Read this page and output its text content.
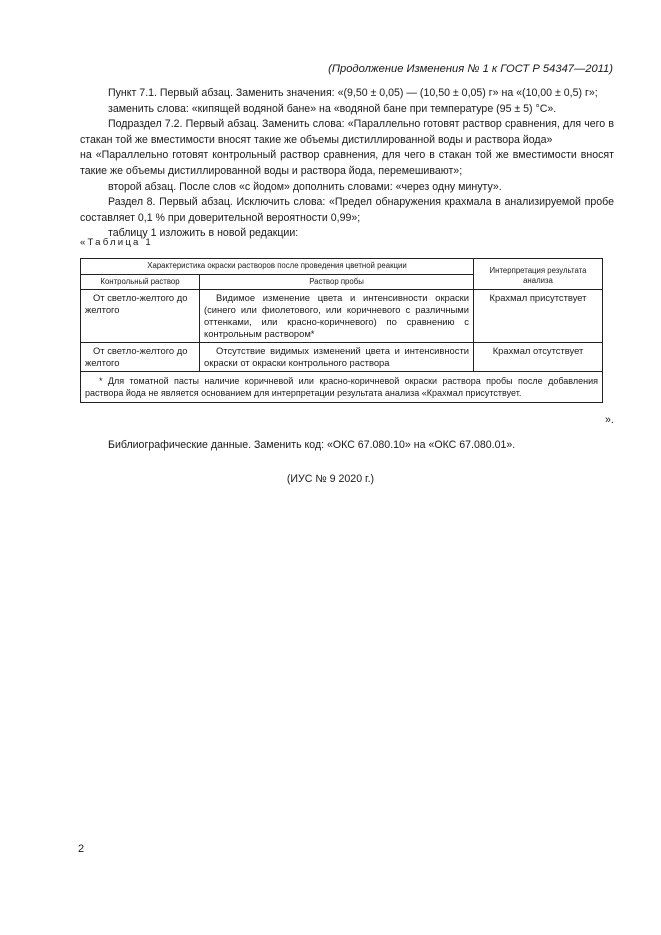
(Продолжение Изменения № 1 к ГОСТ Р 54347—2011)

Пункт 7.1. Первый абзац. Заменить значения: «(9,50 ± 0,05) — (10,50 ± 0,05) г» на «(10,00 ± 0,5) г»;

заменить слова: «кипящей водяной бане» на «водяной бане при температуре (95 ± 5) °С».

Подраздел 7.2. Первый абзац. Заменить слова: «Параллельно готовят раствор сравнения, для чего в стакан той же вместимости вносят такие же объемы дистиллированной воды и раствора йода»

на «Параллельно готовят контрольный раствор сравнения, для чего в стакан той же вместимости вносят такие же объемы дистиллированной воды и раствора йода, перемешивают»;

второй абзац. После слов «с йодом» дополнить словами: «через одну минуту».

Раздел 8. Первый абзац. Исключить слова: «Предел обнаружения крахмала в анализируемой пробе составляет 0,1 % при доверительной вероятности 0,99»;

таблицу 1 изложить в новой редакции:

«Таблица 1
Характеристика окраски растворов после проведения цветной реакции		Интерпретация результата анализа
Контрольный раствор	Раствор пробы	
От светло-желтого до желтого	Видимое изменение цвета и интенсивности окраски (синего или фиолетового, или коричневого с различными оттенками, или красно-коричневого) по сравнению с контрольным раствором*	Крахмал присутствует
От светло-желтого до желтого	Отсутствие видимых изменений цвета и интенсивности окраски от окраски контрольного раствора	Крахмал отсутствует
* Для томатной пасты наличие коричневой или красно-коричневой окраски раствора пробы после добавления раствора йода не является основанием для интерпретации результата анализа «Крахмал присутствует.		
».
Библиографические данные. Заменить код: «ОКС 67.080.10» на «ОКС 67.080.01».
(ИУС № 9 2020 г.)
2
